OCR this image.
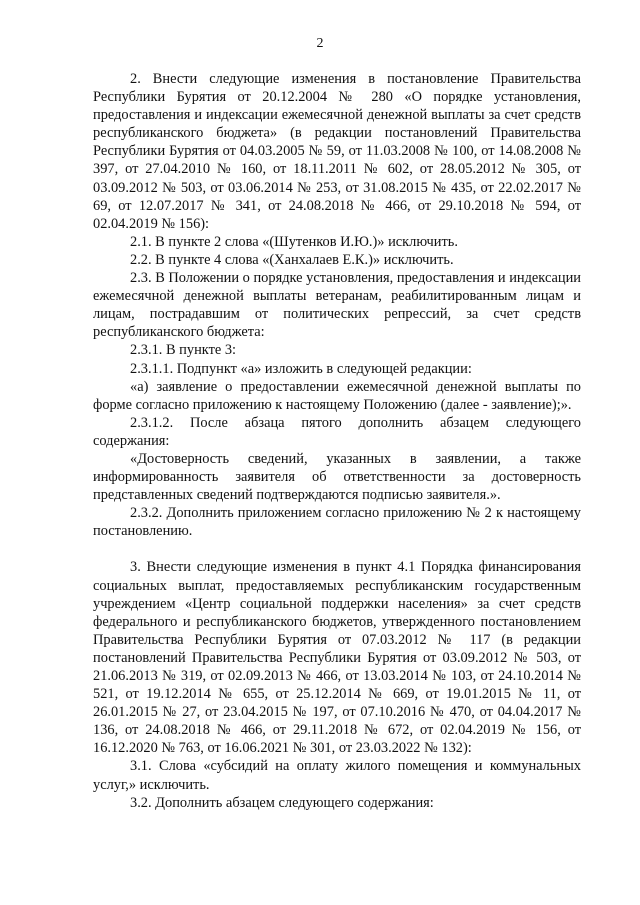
2

2. Внести следующие изменения в постановление Правительства Республики Бурятия от 20.12.2004 № 280 «О порядке установления, предоставления и индексации ежемесячной денежной выплаты за счет средств республиканского бюджета» (в редакции постановлений Правительства Республики Бурятия от 04.03.2005 № 59, от 11.03.2008 № 100, от 14.08.2008 № 397, от 27.04.2010 № 160, от 18.11.2011 № 602, от 28.05.2012 № 305, от 03.09.2012 № 503, от 03.06.2014 № 253, от 31.08.2015 № 435, от 22.02.2017 № 69, от 12.07.2017 № 341, от 24.08.2018 № 466, от 29.10.2018 № 594, от 02.04.2019 № 156):

2.1. В пункте 2 слова «(Шутенков И.Ю.)» исключить.

2.2. В пункте 4 слова «(Ханхалаев Е.К.)» исключить.

2.3. В Положении о порядке установления, предоставления и индексации ежемесячной денежной выплаты ветеранам, реабилитированным лицам и лицам, пострадавшим от политических репрессий, за счет средств республиканского бюджета:

2.3.1. В пункте 3:

2.3.1.1. Подпункт «а» изложить в следующей редакции:

«а) заявление о предоставлении ежемесячной денежной выплаты по форме согласно приложению к настоящему Положению (далее - заявление);».

2.3.1.2. После абзаца пятого дополнить абзацем следующего содержания:

«Достоверность сведений, указанных в заявлении, а также информированность заявителя об ответственности за достоверность представленных сведений подтверждаются подписью заявителя.».

2.3.2. Дополнить приложением согласно приложению № 2 к настоящему постановлению.

3. Внести следующие изменения в пункт 4.1 Порядка финансирования социальных выплат, предоставляемых республиканским государственным учреждением «Центр социальной поддержки населения» за счет средств федерального и республиканского бюджетов, утвержденного постановлением Правительства Республики Бурятия от 07.03.2012 № 117 (в редакции постановлений Правительства Республики Бурятия от 03.09.2012 № 503, от 21.06.2013 № 319, от 02.09.2013 № 466, от 13.03.2014 № 103, от 24.10.2014 № 521, от 19.12.2014 № 655, от 25.12.2014 № 669, от 19.01.2015 № 11, от 26.01.2015 № 27, от 23.04.2015 № 197, от 07.10.2016 № 470, от 04.04.2017 № 136, от 24.08.2018 № 466, от 29.11.2018 № 672, от 02.04.2019 № 156, от 16.12.2020 № 763, от 16.06.2021 № 301, от 23.03.2022 № 132):

3.1. Слова «субсидий на оплату жилого помещения и коммунальных услуг,» исключить.

3.2. Дополнить абзацем следующего содержания:
